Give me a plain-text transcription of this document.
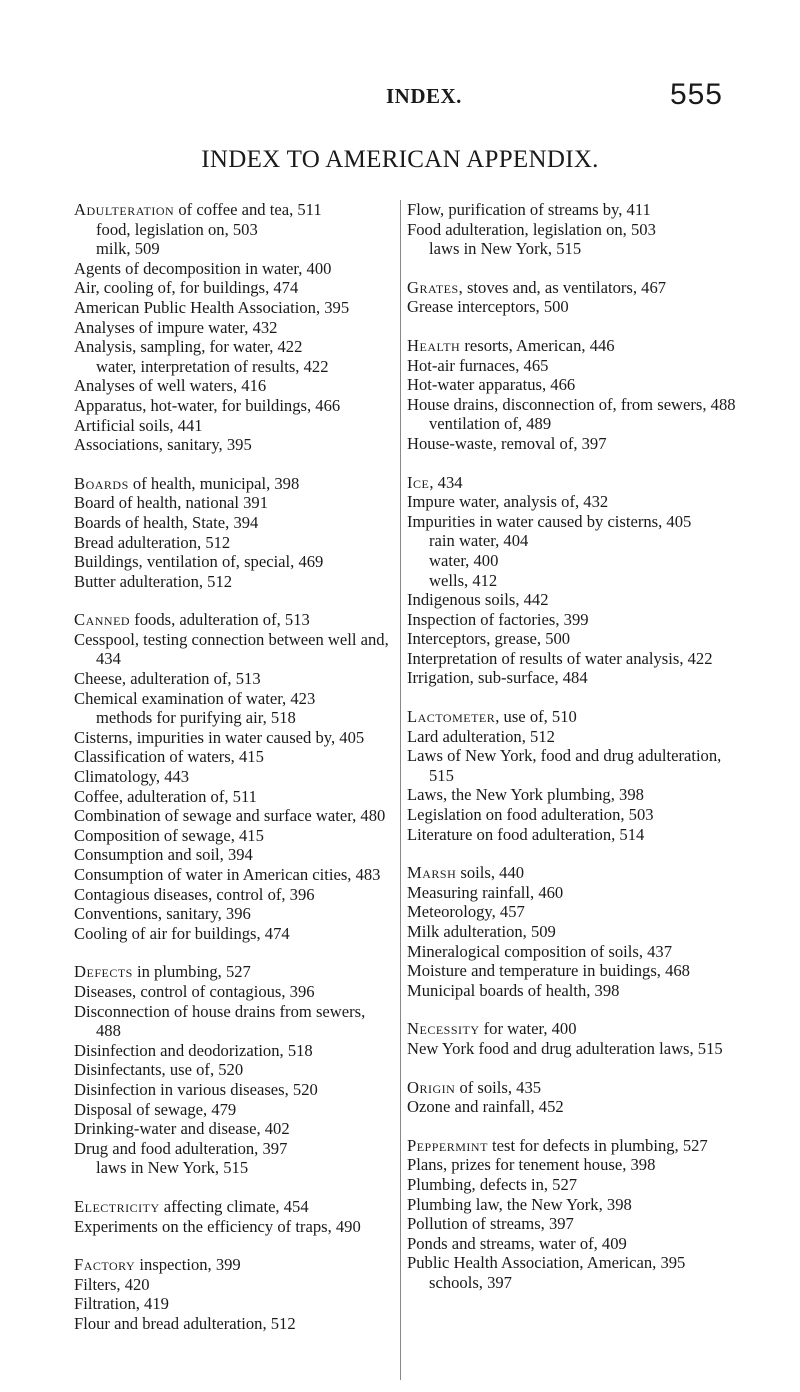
INDEX.	555
INDEX TO AMERICAN APPENDIX.
Adulteration of coffee and tea, 511
food, legislation on, 503
milk, 509
Agents of decomposition in water, 400
Air, cooling of, for buildings, 474
American Public Health Association, 395
Analyses of impure water, 432
Analysis, sampling, for water, 422
water, interpretation of results, 422
Analyses of well waters, 416
Apparatus, hot-water, for buildings, 466
Artificial soils, 441
Associations, sanitary, 395
Boards of health, municipal, 398
Board of health, national 391
Boards of health, State, 394
Bread adulteration, 512
Buildings, ventilation of, special, 469
Butter adulteration, 512
Canned foods, adulteration of, 513
Cesspool, testing connection between well and, 434
Cheese, adulteration of, 513
Chemical examination of water, 423
methods for purifying air, 518
Cisterns, impurities in water caused by, 405
Classification of waters, 415
Climatology, 443
Coffee, adulteration of, 511
Combination of sewage and surface water, 480
Composition of sewage, 415
Consumption and soil, 394
Consumption of water in American cities, 483
Contagious diseases, control of, 396
Conventions, sanitary, 396
Cooling of air for buildings, 474
Defects in plumbing, 527
Diseases, control of contagious, 396
Disconnection of house drains from sewers, 488
Disinfection and deodorization, 518
Disinfectants, use of, 520
Disinfection in various diseases, 520
Disposal of sewage, 479
Drinking-water and disease, 402
Drug and food adulteration, 397
laws in New York, 515
Electricity affecting climate, 454
Experiments on the efficiency of traps, 490
Factory inspection, 399
Filters, 420
Filtration, 419
Flour and bread adulteration, 512
Flow, purification of streams by, 411
Food adulteration, legislation on, 503
laws in New York, 515
Grates, stoves and, as ventilators, 467
Grease interceptors, 500
Health resorts, American, 446
Hot-air furnaces, 465
Hot-water apparatus, 466
House drains, disconnection of, from sewers, 488
ventilation of, 489
House-waste, removal of, 397
Ice, 434
Impure water, analysis of, 432
Impurities in water caused by cisterns, 405
rain water, 404
water, 400
wells, 412
Indigenous soils, 442
Inspection of factories, 399
Interceptors, grease, 500
Interpretation of results of water analysis, 422
Irrigation, sub-surface, 484
Lactometer, use of, 510
Lard adulteration, 512
Laws of New York, food and drug adulteration, 515
Laws, the New York plumbing, 398
Legislation on food adulteration, 503
Literature on food adulteration, 514
Marsh soils, 440
Measuring rainfall, 460
Meteorology, 457
Milk adulteration, 509
Mineralogical composition of soils, 437
Moisture and temperature in buidings, 468
Municipal boards of health, 398
Necessity for water, 400
New York food and drug adulteration laws, 515
Origin of soils, 435
Ozone and rainfall, 452
Peppermint test for defects in plumbing, 527
Plans, prizes for tenement house, 398
Plumbing, defects in, 527
Plumbing law, the New York, 398
Pollution of streams, 397
Ponds and streams, water of, 409
Public Health Association, American, 395
schools, 397
